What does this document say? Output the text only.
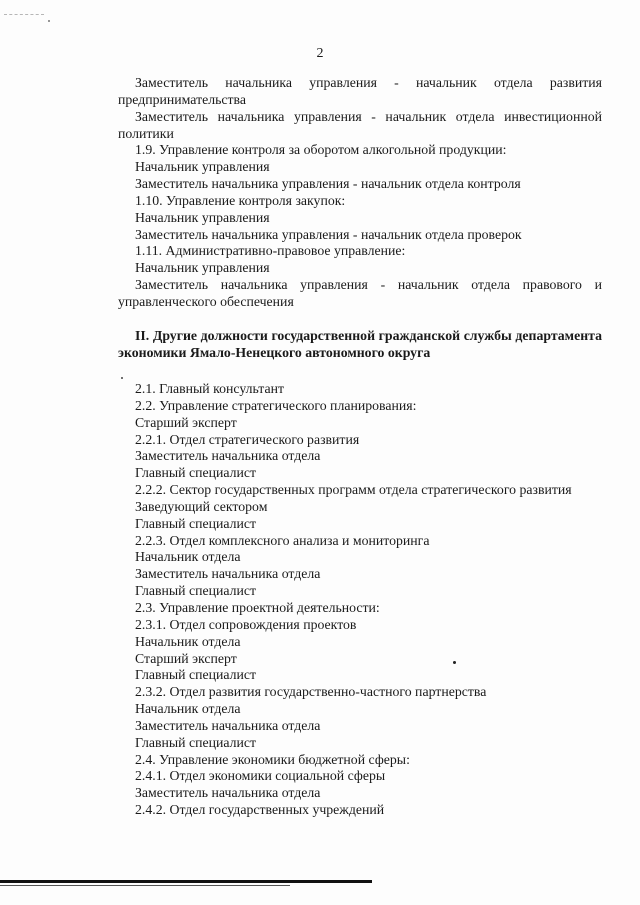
2

Заместитель начальника управления - начальник отдела развития предпринимательства

Заместитель начальника управления - начальник отдела инвестиционной политики

1.9. Управление контроля за оборотом алкогольной продукции:

Начальник управления

Заместитель начальника управления - начальник отдела контроля

1.10. Управление контроля закупок:

Начальник управления

Заместитель начальника управления - начальник отдела проверок

1.11. Административно-правовое управление:

Начальник управления

Заместитель начальника управления - начальник отдела правового и управленческого обеспечения

II. Другие должности государственной гражданской службы департамента экономики Ямало-Ненецкого автономного округа

2.1. Главный консультант

2.2. Управление стратегического планирования:

Старший эксперт

2.2.1. Отдел стратегического развития

Заместитель начальника отдела

Главный специалист

2.2.2. Сектор государственных программ отдела стратегического развития

Заведующий сектором

Главный специалист

2.2.3. Отдел комплексного анализа и мониторинга

Начальник отдела

Заместитель начальника отдела

Главный специалист

2.3. Управление проектной деятельности:

2.3.1. Отдел сопровождения проектов

Начальник отдела

Старший эксперт

Главный специалист

2.3.2. Отдел развития государственно-частного партнерства

Начальник отдела

Заместитель начальника отдела

Главный специалист

2.4. Управление экономики бюджетной сферы:

2.4.1. Отдел экономики социальной сферы

Заместитель начальника отдела

2.4.2. Отдел государственных учреждений
